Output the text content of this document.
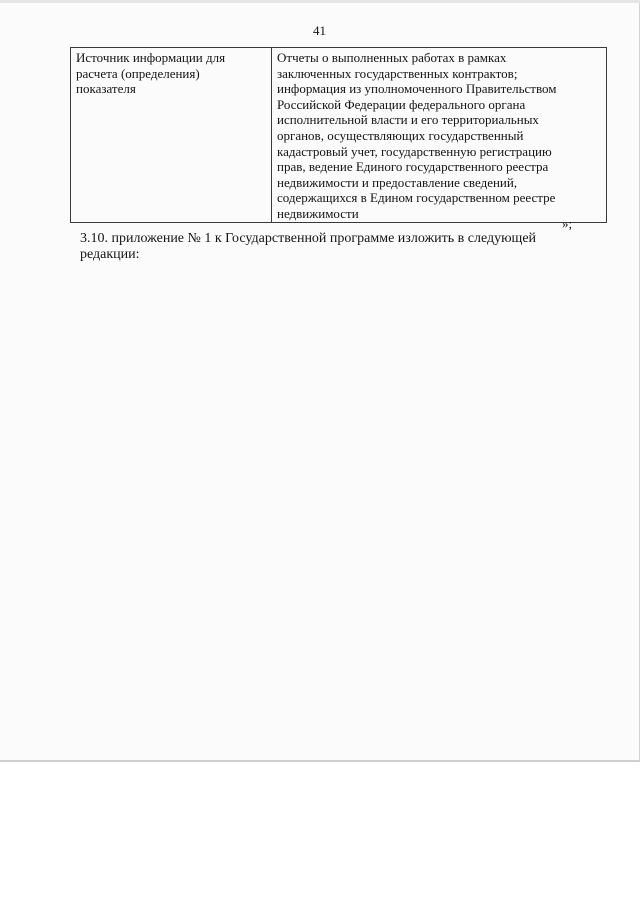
41
Источник информации для
расчета (определения)
показателя	Отчеты о выполненных работах в рамках
заключенных государственных контрактов;
информация из уполномоченного Правительством
Российской Федерации федерального органа
исполнительной власти и его территориальных
органов, осуществляющих государственный
кадастровый учет, государственную регистрацию
прав, ведение Единого государственного реестра
недвижимости и предоставление сведений,
содержащихся в Едином государственном реестре
недвижимости
»;
3.10. приложение № 1 к Государственной программе изложить в следующей
редакции:
